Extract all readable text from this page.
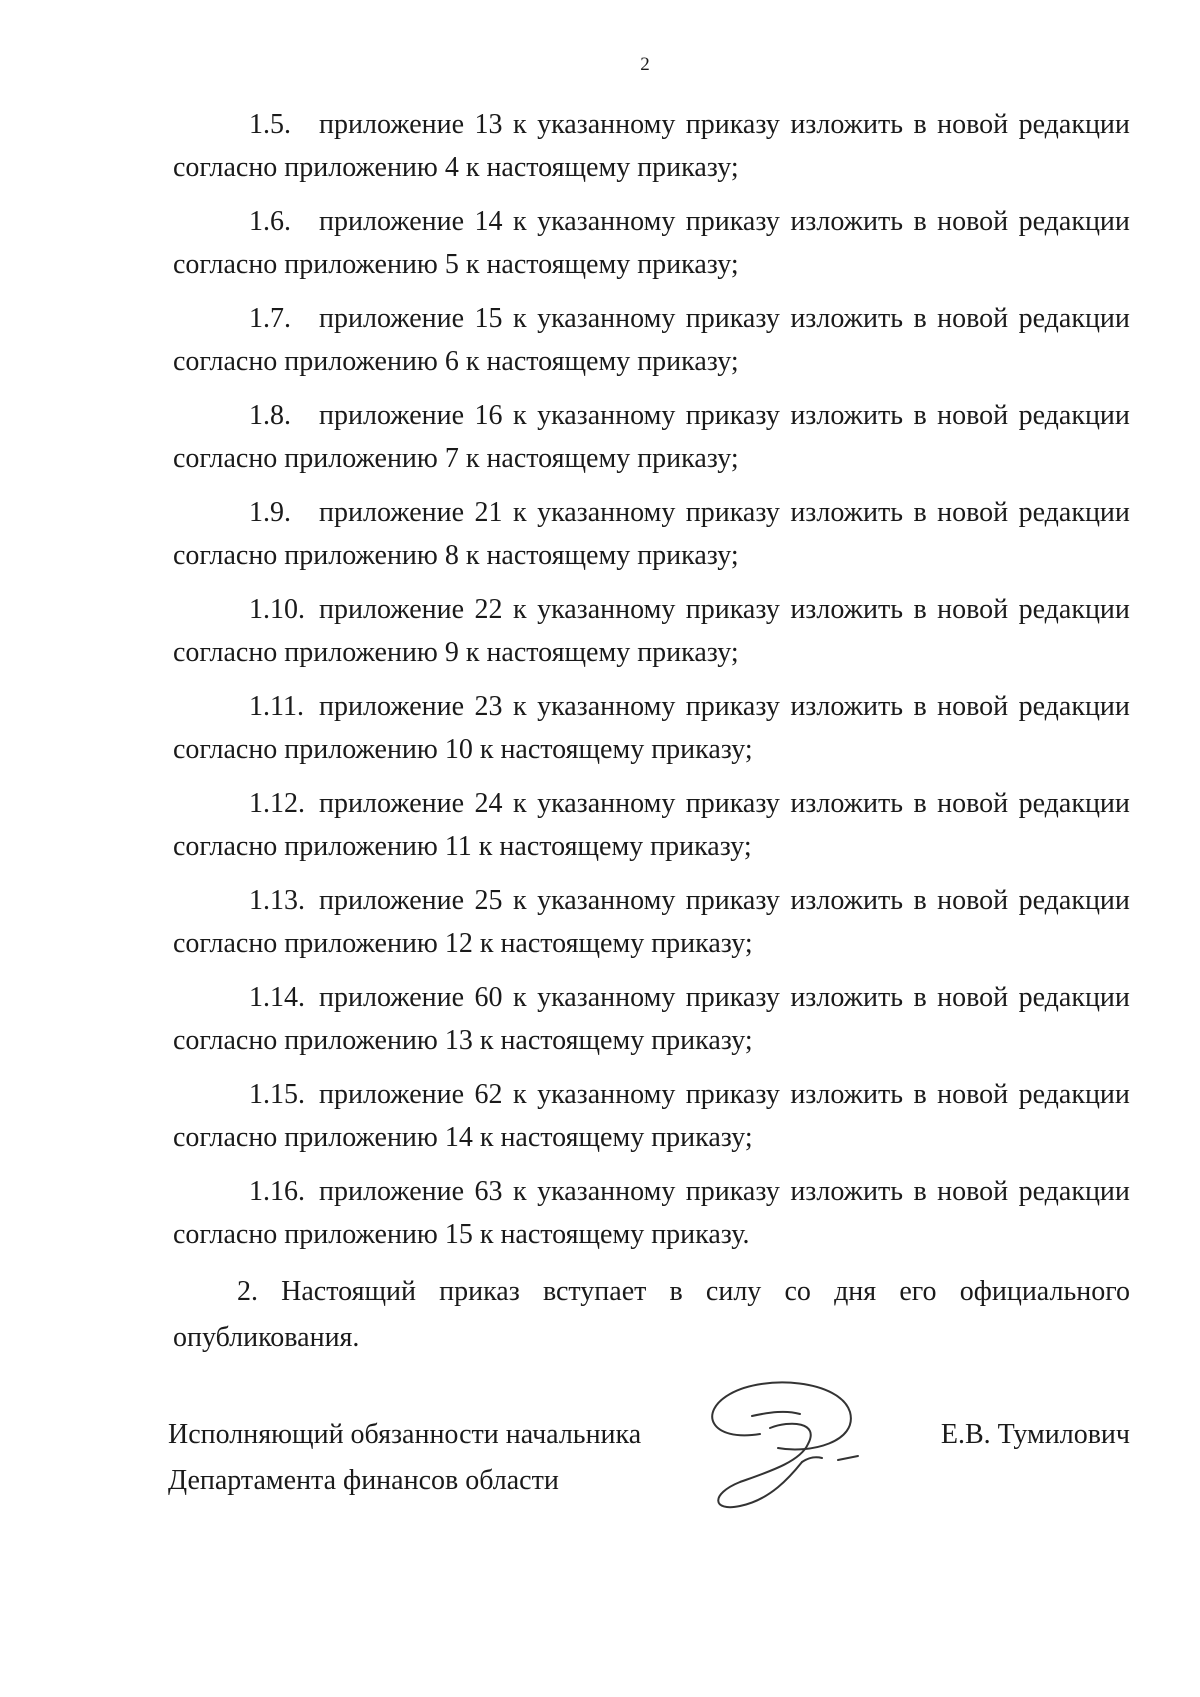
2
1.5.	приложение 13 к указанному приказу изложить в новой редакции
согласно приложению 4 к настоящему приказу;
1.6.	приложение 14 к указанному приказу изложить в новой редакции
согласно приложению 5 к настоящему приказу;
1.7.	приложение 15 к указанному приказу изложить в новой редакции
согласно приложению 6 к настоящему приказу;
1.8.	приложение 16 к указанному приказу изложить в новой редакции
согласно приложению 7 к настоящему приказу;
1.9.	приложение 21 к указанному приказу изложить в новой редакции
согласно приложению 8 к настоящему приказу;
1.10. приложение 22 к указанному приказу изложить в новой редакции
согласно приложению 9 к настоящему приказу;
1.11. приложение 23 к указанному приказу изложить в новой редакции
согласно приложению 10 к настоящему приказу;
1.12. приложение 24 к указанному приказу изложить в новой редакции
согласно приложению 11 к настоящему приказу;
1.13. приложение 25 к указанному приказу изложить в новой редакции
согласно приложению 12 к настоящему приказу;
1.14. приложение 60 к указанному приказу изложить в новой редакции
согласно приложению 13 к настоящему приказу;
1.15. приложение 62 к указанному приказу изложить в новой редакции
согласно приложению 14 к настоящему приказу;
1.16. приложение 63 к указанному приказу изложить в новой редакции
согласно приложению 15 к настоящему приказу.
2. Настоящий приказ вступает в силу со дня его официального
опубликования.
Исполняющий обязанности начальника
Департамента финансов области
Е.В. Тумилович
